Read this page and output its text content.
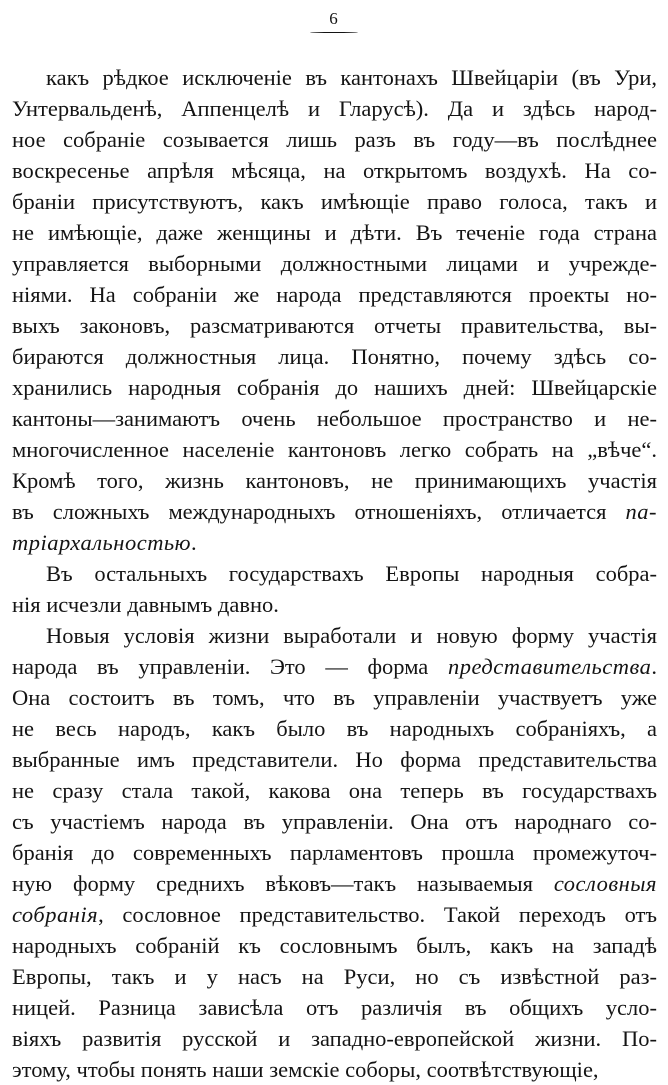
6
какъ рѣдкое исключеніе въ кантонахъ Швейцаріи (въ Ури,
Унтервальденѣ, Аппенцелѣ и Гларусѣ). Да и здѣсь народ-
ное собраніе созывается лишь разъ въ году—въ послѣднее
воскресенье апрѣля мѣсяца, на открытомъ воздухѣ. На со-
браніи присутствуютъ, какъ имѣющіе право голоса, такъ и
не имѣющіе, даже женщины и дѣти. Въ теченіе года страна
управляется выборными должностными лицами и учрежде-
ніями. На собраніи же народа представляются проекты но-
выхъ законовъ, разсматриваются отчеты правительства, вы-
бираются должностныя лица. Понятно, почему здѣсь со-
хранились народныя собранія до нашихъ дней: Швейцарскіе
кантоны—занимаютъ очень небольшое пространство и не-
многочисленное населеніе кантоновъ легко собрать на „вѣче“.
Кромѣ того, жизнь кантоновъ, не принимающихъ участія
въ сложныхъ международныхъ отношеніяхъ, отличается па-
тріархальностью.
Въ остальныхъ государствахъ Европы народныя собра-
нія исчезли давнымъ давно.
Новыя условія жизни выработали и новую форму участія
народа въ управленіи. Это — форма представительства.
Она состоитъ въ томъ, что въ управленіи участвуетъ уже
не весь народъ, какъ было въ народныхъ собраніяхъ, а
выбранные имъ представители. Но форма представительства
не сразу стала такой, какова она теперь въ государствахъ
съ участіемъ народа въ управленіи. Она отъ народнаго со-
бранія до современныхъ парламентовъ прошла промежуточ-
ную форму среднихъ вѣковъ—такъ называемыя сословныя
собранія, сословное представительство. Такой переходъ отъ
народныхъ собраній къ сословнымъ былъ, какъ на западѣ
Европы, такъ и у насъ на Руси, но съ извѣстной раз-
ницей. Разница зависѣла отъ различія въ общихъ усло-
віяхъ развитія русской и западно-европейской жизни. По-
этому, чтобы понять наши земскіе соборы, соотвѣтствующіе,
